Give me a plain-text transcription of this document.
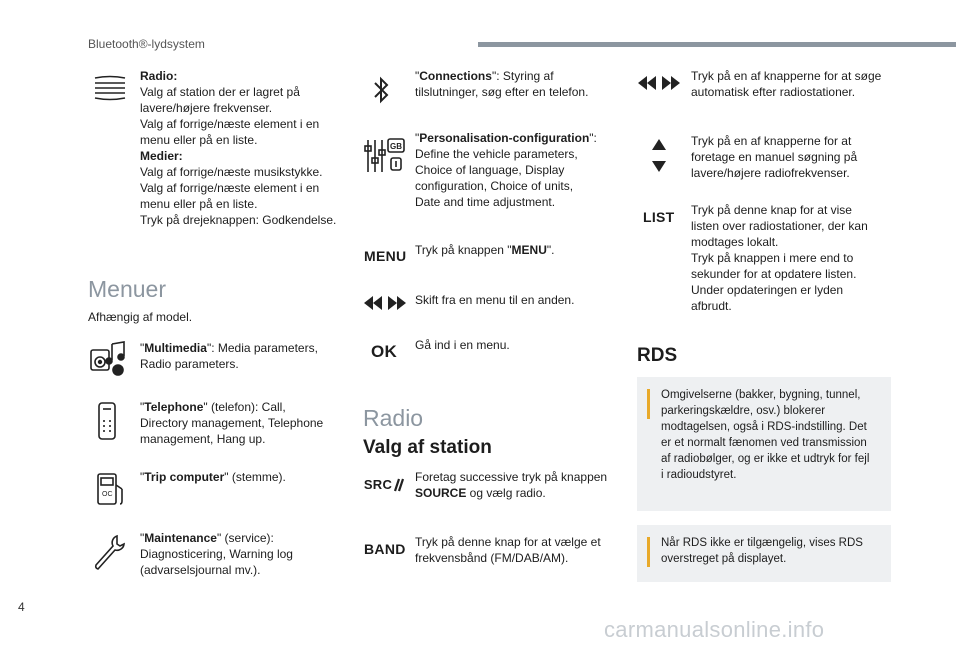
Bluetooth®-lydsystem
Radio:
Valg af station der er lagret på
lavere/højere frekvenser.
Valg af forrige/næste element i en
menu eller på en liste.
Medier:
Valg af forrige/næste musikstykke.
Valg af forrige/næste element i en
menu eller på en liste.
Tryk på drejeknappen: Godkendelse.
Menuer
Afhængig af model.
"Multimedia": Media parameters,
Radio parameters.
"Telephone" (telefon): Call,
Directory management, Telephone
management, Hang up.
OC
"Trip computer" (stemme).
"Maintenance" (service):
Diagnosticering, Warning log
(advarselsjournal mv.).
"Connections": Styring af
tilslutninger, søg efter en telefon.
GB
"Personalisation-configuration":
Define the vehicle parameters,
Choice of language, Display
configuration, Choice of units,
Date and time adjustment.
MENU Tryk på knappen "MENU".
Skift fra en menu til en anden.
OK Gå ind i en menu.
Radio
Valg af station
SRC Foretag successive tryk på knappen
SOURCE og vælg radio.
BAND Tryk på denne knap for at vælge et
frekvensbånd (FM/DAB/AM).
Tryk på en af knapperne for at søge
automatisk efter radiostationer.
Tryk på en af knapperne for at
foretage en manuel søgning på
lavere/højere radiofrekvenser.
LIST Tryk på denne knap for at vise
listen over radiostationer, der kan
modtages lokalt.
Tryk på knappen i mere end to
sekunder for at opdatere listen.
Under opdateringen er lyden
afbrudt.
RDS
Omgivelserne (bakker, bygning, tunnel,
parkeringskældre, osv.) blokerer
modtagelsen, også i RDS-indstilling. Det
er et normalt fænomen ved transmission
af radiobølger, og er ikke et udtryk for fejl
i radioudstyret.
Når RDS ikke er tilgængelig, vises RDS
overstreget på displayet.
4
carmanualsonline.info
